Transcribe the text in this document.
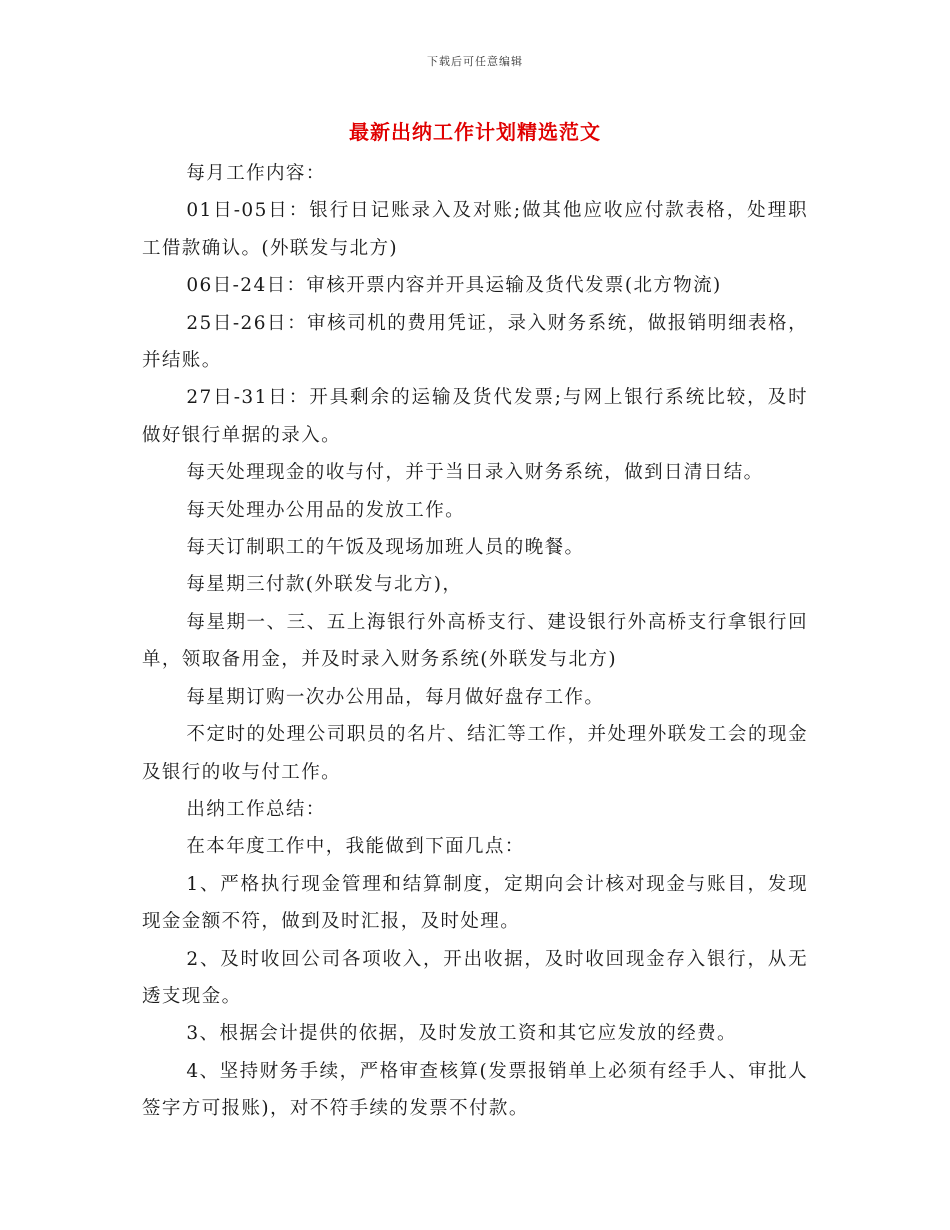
下载后可任意编辑
最新出纳工作计划精选范文

每月工作内容：

01日-05日：银行日记账录入及对账;做其他应收应付款表格，处理职工借款确认。(外联发与北方)

06日-24日：审核开票内容并开具运输及货代发票(北方物流)

25日-26日：审核司机的费用凭证，录入财务系统，做报销明细表格，并结账。

27日-31日：开具剩余的运输及货代发票;与网上银行系统比较，及时做好银行单据的录入。

每天处理现金的收与付，并于当日录入财务系统，做到日清日结。

每天处理办公用品的发放工作。

每天订制职工的午饭及现场加班人员的晚餐。

每星期三付款(外联发与北方)，

每星期一、三、五上海银行外高桥支行、建设银行外高桥支行拿银行回单，领取备用金，并及时录入财务系统(外联发与北方)

每星期订购一次办公用品，每月做好盘存工作。

不定时的处理公司职员的名片、结汇等工作，并处理外联发工会的现金及银行的收与付工作。

出纳工作总结：

在本年度工作中，我能做到下面几点：

1、严格执行现金管理和结算制度，定期向会计核对现金与账目，发现现金金额不符，做到及时汇报，及时处理。

2、及时收回公司各项收入，开出收据，及时收回现金存入银行，从无透支现金。

3、根据会计提供的依据，及时发放工资和其它应发放的经费。

4、坚持财务手续，严格审查核算(发票报销单上必须有经手人、审批人签字方可报账)，对不符手续的发票不付款。
